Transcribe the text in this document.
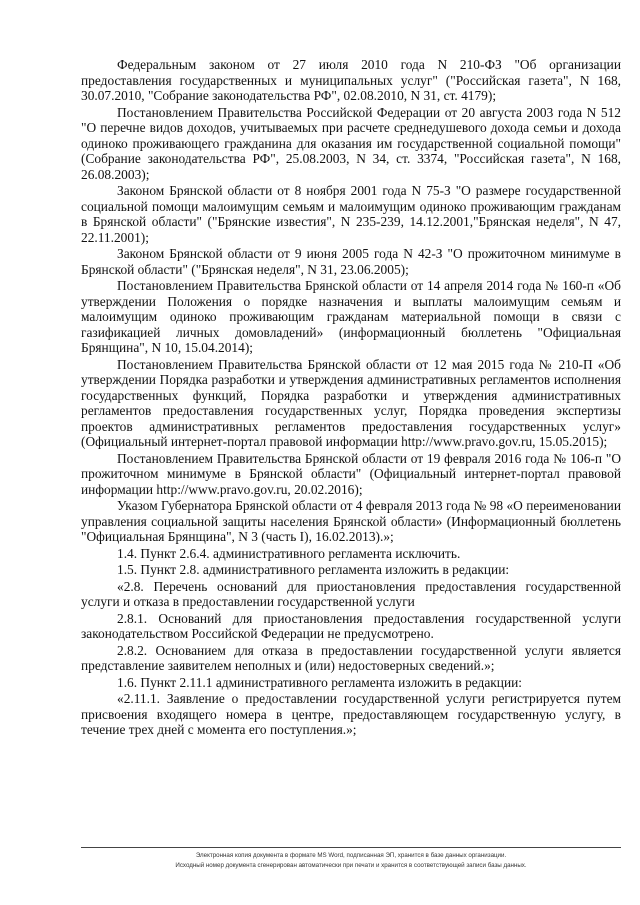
Федеральным законом от 27 июля 2010 года N 210-ФЗ "Об организации предоставления государственных и муниципальных услуг" ("Российская газета", N 168, 30.07.2010, "Собрание законодательства РФ", 02.08.2010, N 31, ст. 4179);

Постановлением Правительства Российской Федерации от 20 августа 2003 года N 512 "О перечне видов доходов, учитываемых при расчете среднедушевого дохода семьи и дохода одиноко проживающего гражданина для оказания им государственной социальной помощи" (Собрание законодательства РФ", 25.08.2003, N 34, ст. 3374, "Российская газета", N 168, 26.08.2003);

Законом Брянской области от 8 ноября 2001 года N 75-З "О размере государственной социальной помощи малоимущим семьям и малоимущим одиноко проживающим гражданам в Брянской области" ("Брянские известия", N 235-239, 14.12.2001,"Брянская неделя", N 47, 22.11.2001);

Законом Брянской области от 9 июня 2005 года N 42-З "О прожиточном минимуме в Брянской области" ("Брянская неделя", N 31, 23.06.2005);

Постановлением Правительства Брянской области от 14 апреля 2014 года № 160-п «Об утверждении Положения о порядке назначения и выплаты малоимущим семьям и малоимущим одиноко проживающим гражданам материальной помощи в связи с газификацией личных домовладений» (информационный бюллетень "Официальная Брянщина", N 10, 15.04.2014);

Постановлением Правительства Брянской области от 12 мая 2015 года № 210-П «Об утверждении Порядка разработки и утверждения административных регламентов исполнения государственных функций, Порядка разработки и утверждения административных регламентов предоставления государственных услуг, Порядка проведения экспертизы проектов административных регламентов предоставления государственных услуг» (Официальный интернет-портал правовой информации http://www.pravo.gov.ru, 15.05.2015);

Постановлением Правительства Брянской области от 19 февраля 2016 года № 106-п "О прожиточном минимуме в Брянской области" (Официальный интернет-портал правовой информации http://www.pravo.gov.ru, 20.02.2016);

Указом Губернатора Брянской области от 4 февраля 2013 года № 98 «О переименовании управления социальной защиты населения Брянской области» (Информационный бюллетень "Официальная Брянщина", N 3 (часть I), 16.02.2013).»;

1.4. Пункт 2.6.4. административного регламента исключить.

1.5. Пункт 2.8. административного регламента изложить в редакции:

«2.8. Перечень оснований для приостановления предоставления государственной услуги и отказа в предоставлении государственной услуги

2.8.1. Оснований для приостановления предоставления государственной услуги законодательством Российской Федерации не предусмотрено.

2.8.2. Основанием для отказа в предоставлении государственной услуги является представление заявителем неполных и (или) недостоверных сведений.»;

1.6. Пункт 2.11.1 административного регламента изложить в редакции:

«2.11.1. Заявление о предоставлении государственной услуги регистрируется путем присвоения входящего номера в центре, предоставляющем государственную услугу, в течение трех дней с момента его поступления.»;

Электронная копия документа в формате MS Word, подписанная ЭП, хранится в базе данных организации.
Исходный номер документа сгенерирован автоматически при печати и хранится в соответствующей записи базы данных.
